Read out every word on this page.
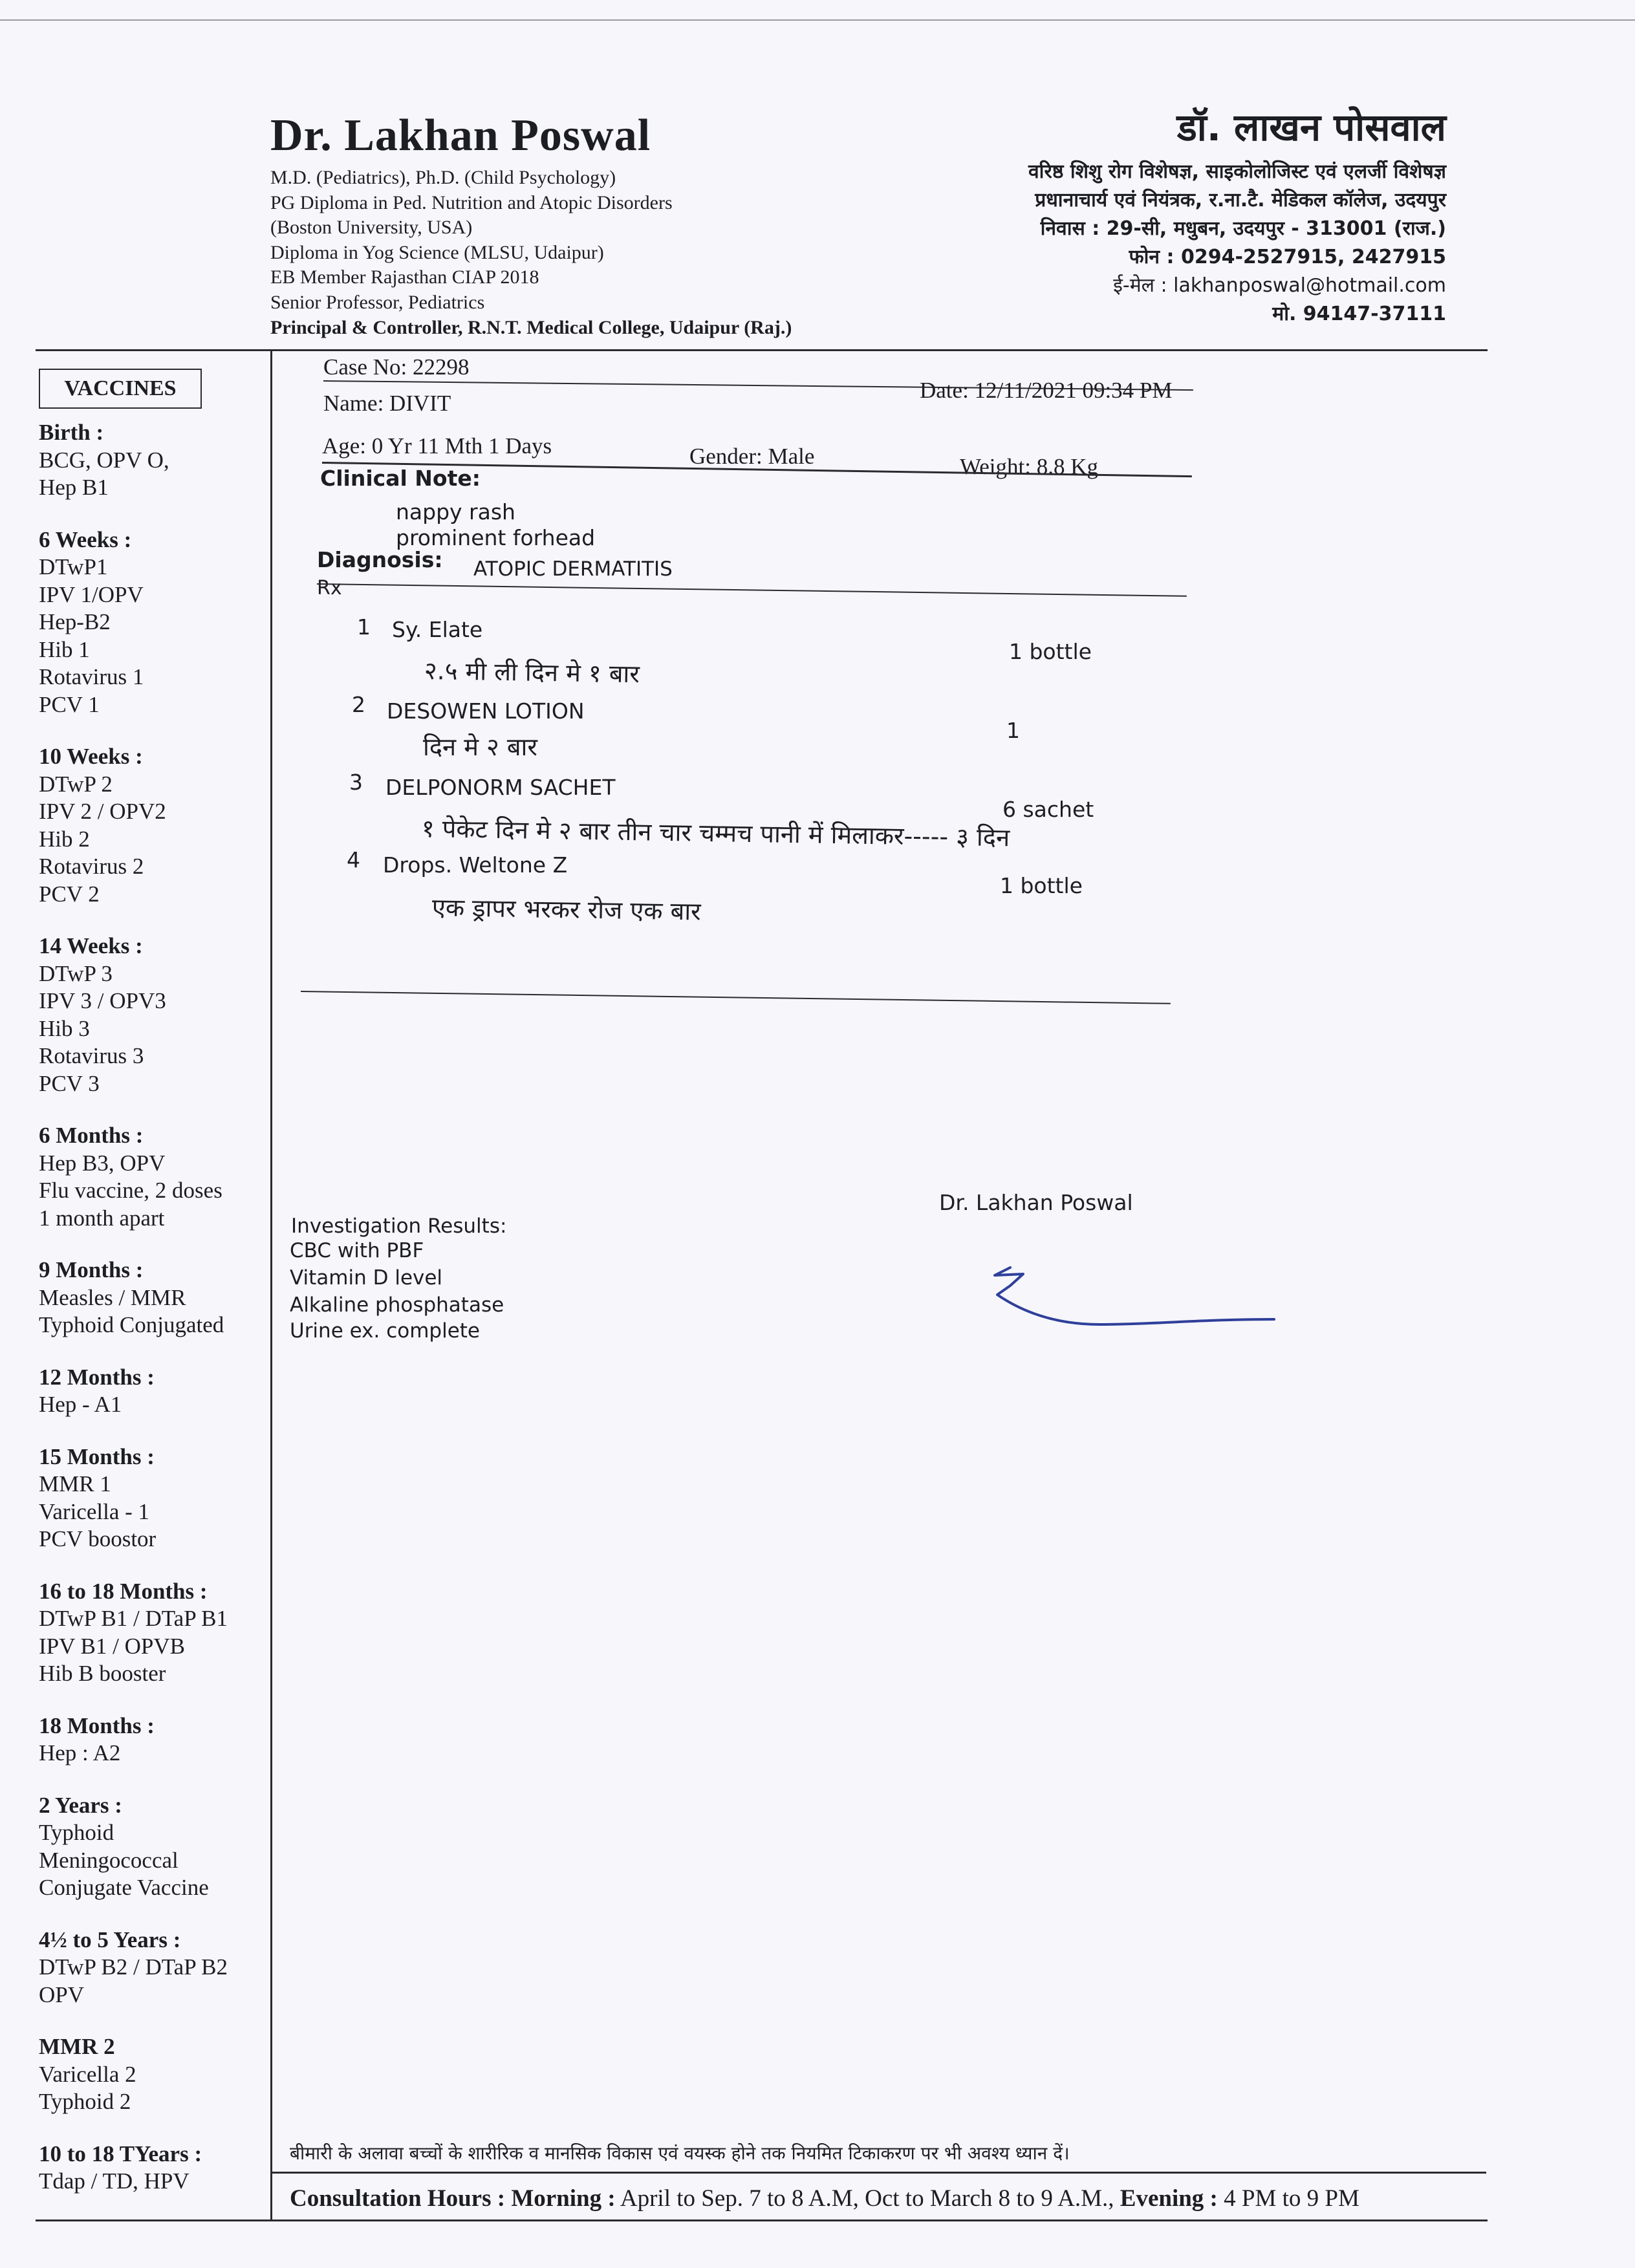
Dr. Lakhan Poswal
M.D. (Pediatrics), Ph.D. (Child Psychology)
PG Diploma in Ped. Nutrition and Atopic Disorders
(Boston University, USA)
Diploma in Yog Science (MLSU, Udaipur)
EB Member Rajasthan CIAP 2018
Senior Professor, Pediatrics
Principal & Controller, R.N.T. Medical College, Udaipur (Raj.)
डॉ. लाखन पोसवाल
वरिष्ठ शिशु रोग विशेषज्ञ, साइकोलोजिस्ट एवं एलर्जी विशेषज्ञ
प्रधानाचार्य एवं नियंत्रक, र.ना.टै. मेडिकल कॉलेज, उदयपुर
निवास : 29-सी, मधुबन, उदयपुर - 313001 (राज.)
फोन : 0294-2527915, 2427915
ई-मेल : lakhanposwal@hotmail.com
मो. 94147-37111
VACCINES
Birth :
BCG, OPV O,
Hep B1
6 Weeks :
DTwP1
IPV 1/OPV
Hep-B2
Hib 1
Rotavirus 1
PCV 1
10 Weeks :
DTwP 2
IPV 2 / OPV2
Hib 2
Rotavirus 2
PCV 2
14 Weeks :
DTwP 3
IPV 3 / OPV3
Hib 3
Rotavirus 3
PCV 3
6 Months :
Hep B3, OPV
Flu vaccine, 2 doses
1 month apart
9 Months :
Measles / MMR
Typhoid Conjugated
12 Months :
Hep - A1
15 Months :
MMR 1
Varicella - 1
PCV boostor
16 to 18 Months :
DTwP B1 / DTaP B1
IPV B1 / OPVB
Hib B booster
18 Months :
Hep : A2
2 Years :
Typhoid
Meningococcal
Conjugate Vaccine
4½ to 5 Years :
DTwP B2 / DTaP B2
OPV
MMR 2
Varicella 2
Typhoid 2
10 to 18 TYears :
Tdap / TD, HPV
Case No: 22298
Name: DIVIT
Date: 12/11/2021 09:34 PM
Age: 0 Yr 11 Mth 1 Days	Gender: Male	Weight: 8.8 Kg
Clinical Note:
nappy rash
prominent forhead
Diagnosis: ATOPIC DERMATITIS
Rx
1 Sy. Elate
1 bottle
२.५ मी ली दिन मे १ बार
2 DESOWEN LOTION
1
दिन मे २ बार
3 DELPONORM SACHET
6 sachet
१ पेकेट दिन मे २ बार तीन चार चम्मच पानी में मिलाकर----- ३ दिन
4 Drops. Weltone Z
1 bottle
एक ड्रापर भरकर रोज एक बार
Dr. Lakhan Poswal
Investigation Results:
CBC with PBF
Vitamin D level
Alkaline phosphatase
Urine ex. complete
बीमारी के अलावा बच्चों के शारीरिक व मानसिक विकास एवं वयस्क होने तक नियमित टिकाकरण पर भी अवश्य ध्यान दें।
Consultation Hours : Morning : April to Sep. 7 to 8 A.M, Oct to March 8 to 9 A.M., Evening : 4 PM to 9 PM
